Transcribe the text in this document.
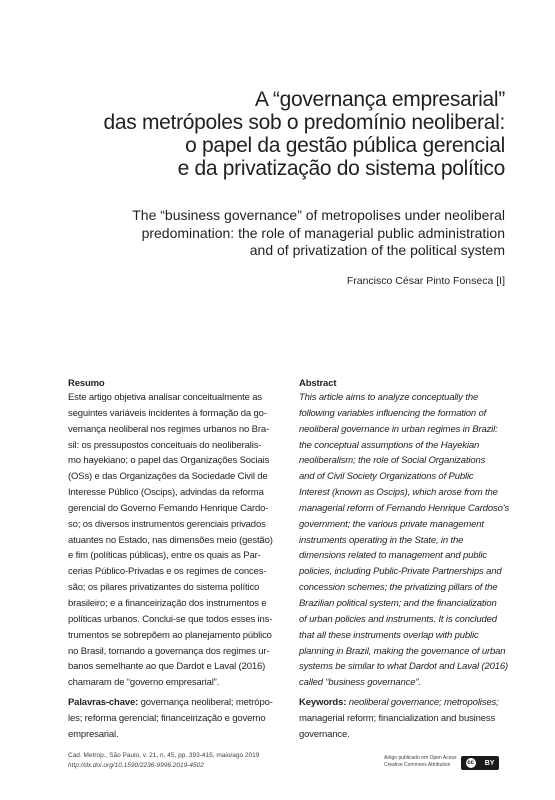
A “governança empresarial”
das metrópoles sob o predomínio neoliberal:
o papel da gestão pública gerencial
e da privatização do sistema político
The “business governance” of metropolises under neoliberal
predomination: the role of managerial public administration
and of privatization of the political system
Francisco César Pinto Fonseca [I]
Resumo
Este artigo objetiva analisar conceitualmente as
seguintes variáveis incidentes à formação da go-
vernança neoliberal nos regimes urbanos no Bra-
sil: os pressupostos conceituais do neoliberalis-
mo hayekiano; o papel das Organizações Sociais
(OSs) e das Organizações da Sociedade Civil de
Interesse Público (Oscips), advindas da reforma
gerencial do Governo Fernando Henrique Cardo-
so; os diversos instrumentos gerenciais privados
atuantes no Estado, nas dimensões meio (gestão)
e fim (políticas públicas), entre os quais as Par-
cerias Público-Privadas e os regimes de conces-
são; os pilares privatizantes do sistema político
brasileiro; e a financeirização dos instrumentos e
políticas urbanos. Conclui-se que todos esses ins-
trumentos se sobrepõem ao planejamento público
no Brasil, tornando a governança dos regimes ur-
banos semelhante ao que Dardot e Laval (2016)
chamaram de “governo empresarial”.
Palavras-chave: governança neoliberal; metrópo-
les; reforma gerencial; financeirização e governo
empresarial.
Abstract
This article aims to analyze conceptually the
following variables influencing the formation of
neoliberal governance in urban regimes in Brazil:
the conceptual assumptions of the Hayekian
neoliberalism; the role of Social Organizations
and of Civil Society Organizations of Public
Interest (known as Oscips), which arose from the
managerial reform of Fernando Henrique Cardoso's
government; the various private management
instruments operating in the State, in the
dimensions related to management and public
policies, including Public-Private Partnerships and
concession schemes; the privatizing pillars of the
Brazilian political system; and the financialization
of urban policies and instruments. It is concluded
that all these instruments overlap with public
planning in Brazil, making the governance of urban
systems be similar to what Dardot and Laval (2016)
called “business governance”.
Keywords: neoliberal governance; metropolises;
managerial reform; financialization and business
governance.
Cad. Metrop., São Paulo, v. 21, n. 45, pp. 393-415, maio/ago 2019
http://dx.doi.org/10.1590/2236-9996.2019-4502
Artigo publicado em Open Acess
Creative Commons Attribution	cc BY
